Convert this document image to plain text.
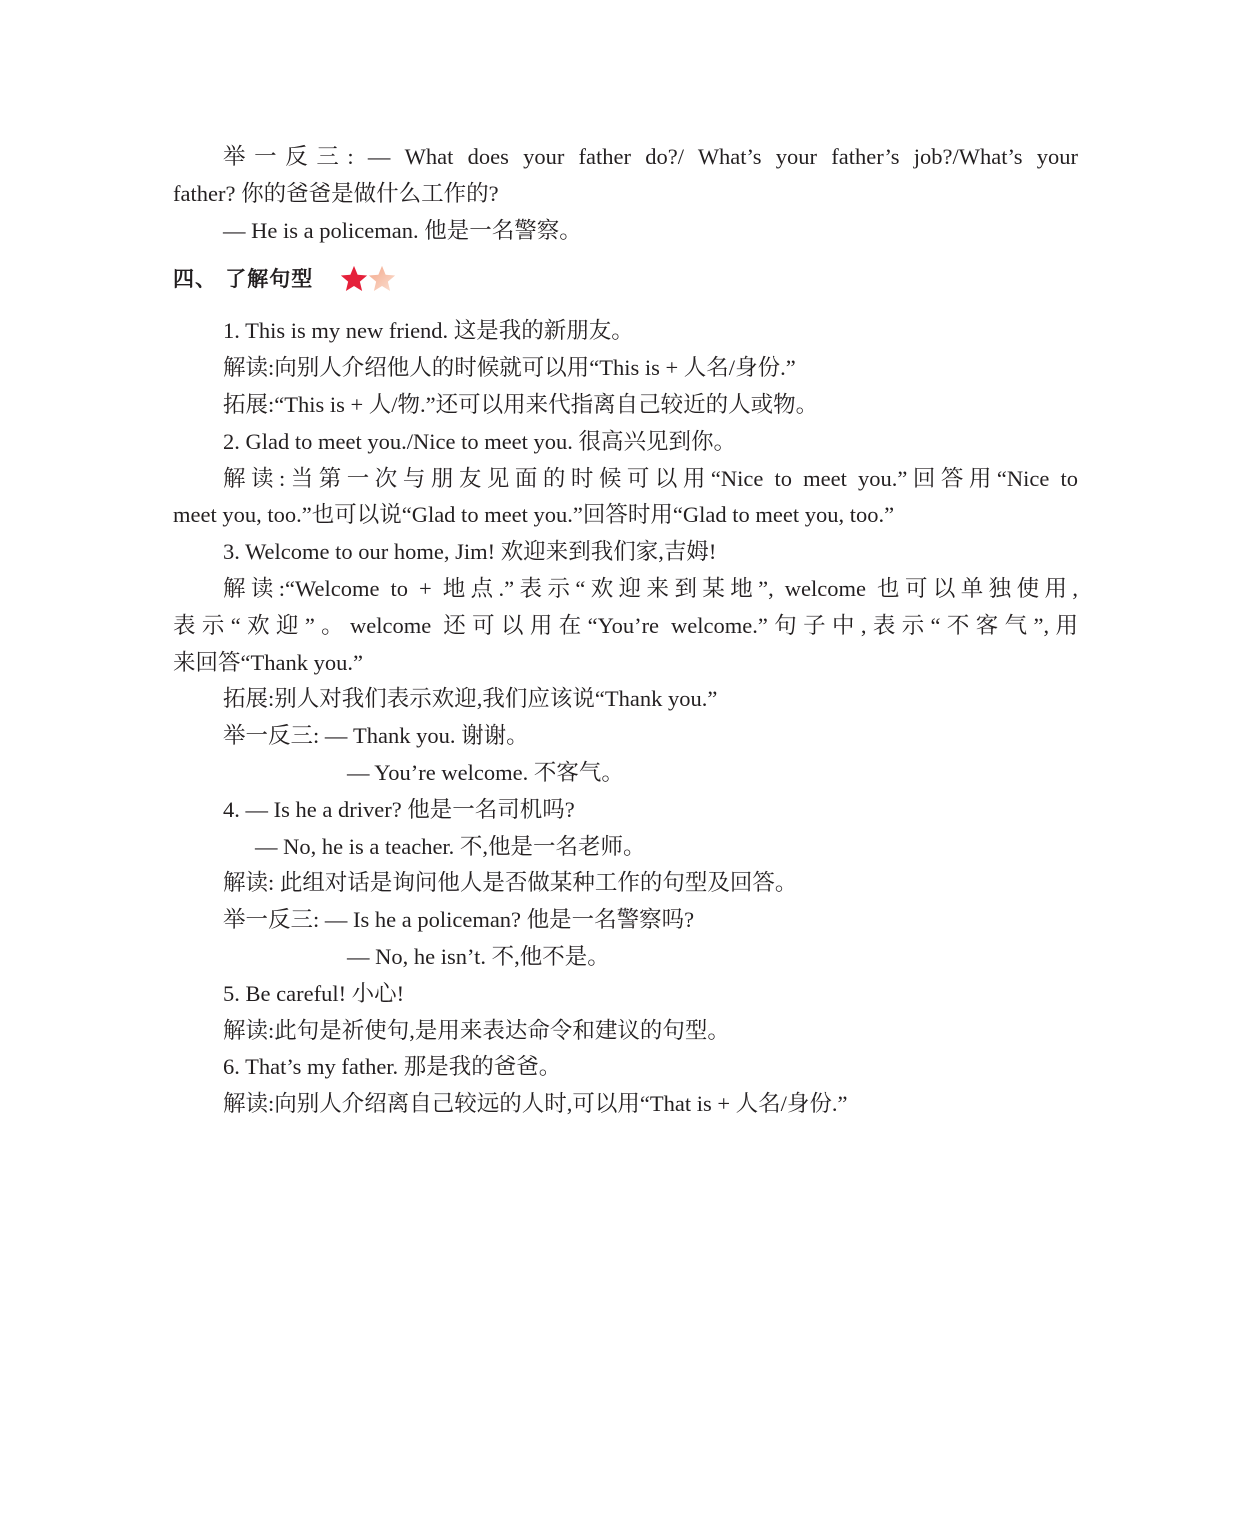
举一反三: — What does your father do?/ What’s your father’s job?/What’s your
father? 你的爸爸是做什么工作的?
— He is a policeman. 他是一名警察。
四、 了解句型
1. This is my new friend. 这是我的新朋友。
解读:向别人介绍他人的时候就可以用“This is + 人名/身份.”
拓展:“This is + 人/物.”还可以用来代指离自己较近的人或物。
2. Glad to meet you./Nice to meet you. 很高兴见到你。
解读:当第一次与朋友见面的时候可以用“Nice to meet you.”回答用“Nice to
meet you, too.”也可以说“Glad to meet you.”回答时用“Glad to meet you, too.”
3. Welcome to our home, Jim! 欢迎来到我们家,吉姆!
解读:“Welcome to + 地点.”表示“欢迎来到某地”, welcome 也可以单独使用,
表示“欢迎”。welcome 还可以用在“You’re welcome.”句子中,表示“不客气”,用
来回答“Thank you.”
拓展:别人对我们表示欢迎,我们应该说“Thank you.”
举一反三: — Thank you. 谢谢。
— You’re welcome. 不客气。
4. — Is he a driver? 他是一名司机吗?
— No, he is a teacher. 不,他是一名老师。
解读: 此组对话是询问他人是否做某种工作的句型及回答。
举一反三: — Is he a policeman? 他是一名警察吗?
— No, he isn’t. 不,他不是。
5. Be careful! 小心!
解读:此句是祈使句,是用来表达命令和建议的句型。
6. That’s my father. 那是我的爸爸。
解读:向别人介绍离自己较远的人时,可以用“That is + 人名/身份.”
